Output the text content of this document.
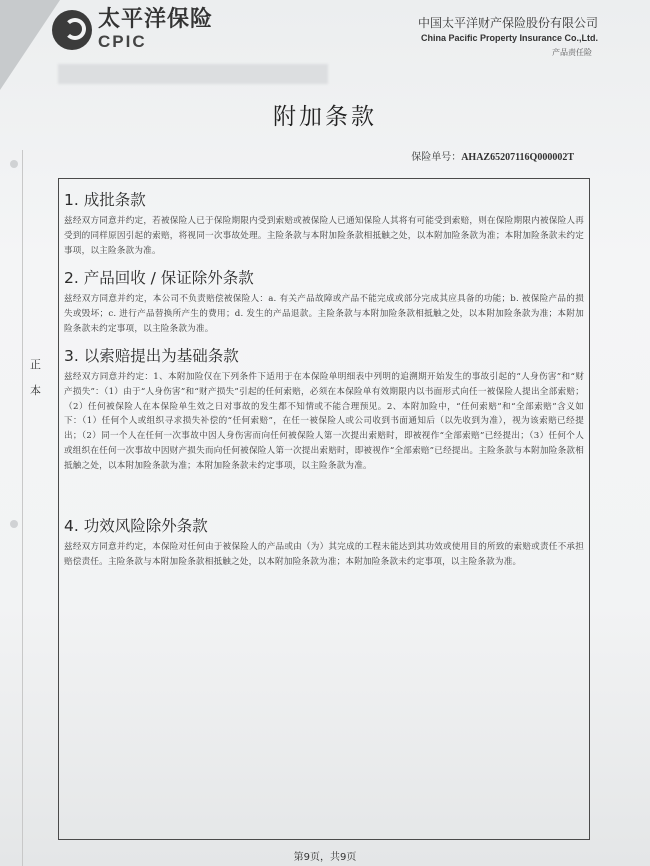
太平洋保险
CPIC
中国太平洋财产保险股份有限公司
China Pacific Property Insurance Co.,Ltd.
产品责任险
附加条款
保险单号：AHAZ65207116Q000002T
1. 成批条款
兹经双方同意并约定，若被保险人已于保险期限内受到索赔或被保险人已通知保险人其将有可能受到索赔，则在保险期限内被保险人再受到的同样原因引起的索赔，将视同一次事故处理。主险条款与本附加险条款相抵触之处，以本附加险条款为准；本附加险条款未约定事项，以主险条款为准。
2. 产品回收 / 保证除外条款
兹经双方同意并约定，本公司不负责赔偿被保险人：a. 有关产品故障或产品不能完成或部分完成其应具备的功能；b. 被保险产品的损失或毁坏；c. 进行产品替换所产生的费用；d. 发生的产品退款。主险条款与本附加险条款相抵触之处，以本附加险条款为准；本附加险条款未约定事项，以主险条款为准。
3. 以索赔提出为基础条款
兹经双方同意并约定：1、本附加险仅在下列条件下适用于在本保险单明细表中列明的追溯期开始发生的事故引起的“人身伤害”和“财产损失”：（1）由于“人身伤害”和“财产损失”引起的任何索赔，必须在本保险单有效期限内以书面形式向任一被保险人提出全部索赔；（2）任何被保险人在本保险单生效之日对事故的发生都不知情或不能合理预见。2、本附加险中，“任何索赔”和“全部索赔”含义如下：（1）任何个人或组织寻求损失补偿的“任何索赔”，在任一被保险人或公司收到书面通知后（以先收到为准），视为该索赔已经提出；（2）同一个人在任何一次事故中因人身伤害而向任何被保险人第一次提出索赔时，即被视作“全部索赔”已经提出；（3）任何个人或组织在任何一次事故中因财产损失而向任何被保险人第一次提出索赔时，即被视作“全部索赔”已经提出。主险条款与本附加险条款相抵触之处，以本附加险条款为准；本附加险条款未约定事项，以主险条款为准。
4. 功效风险除外条款
兹经双方同意并约定，本保险对任何由于被保险人的产品或由（为）其完成的工程未能达到其功效或使用目的所致的索赔或责任不承担赔偿责任。主险条款与本附加险条款相抵触之处，以本附加险条款为准；本附加险条款未约定事项，以主险条款为准。
正
本
第9页，共9页
